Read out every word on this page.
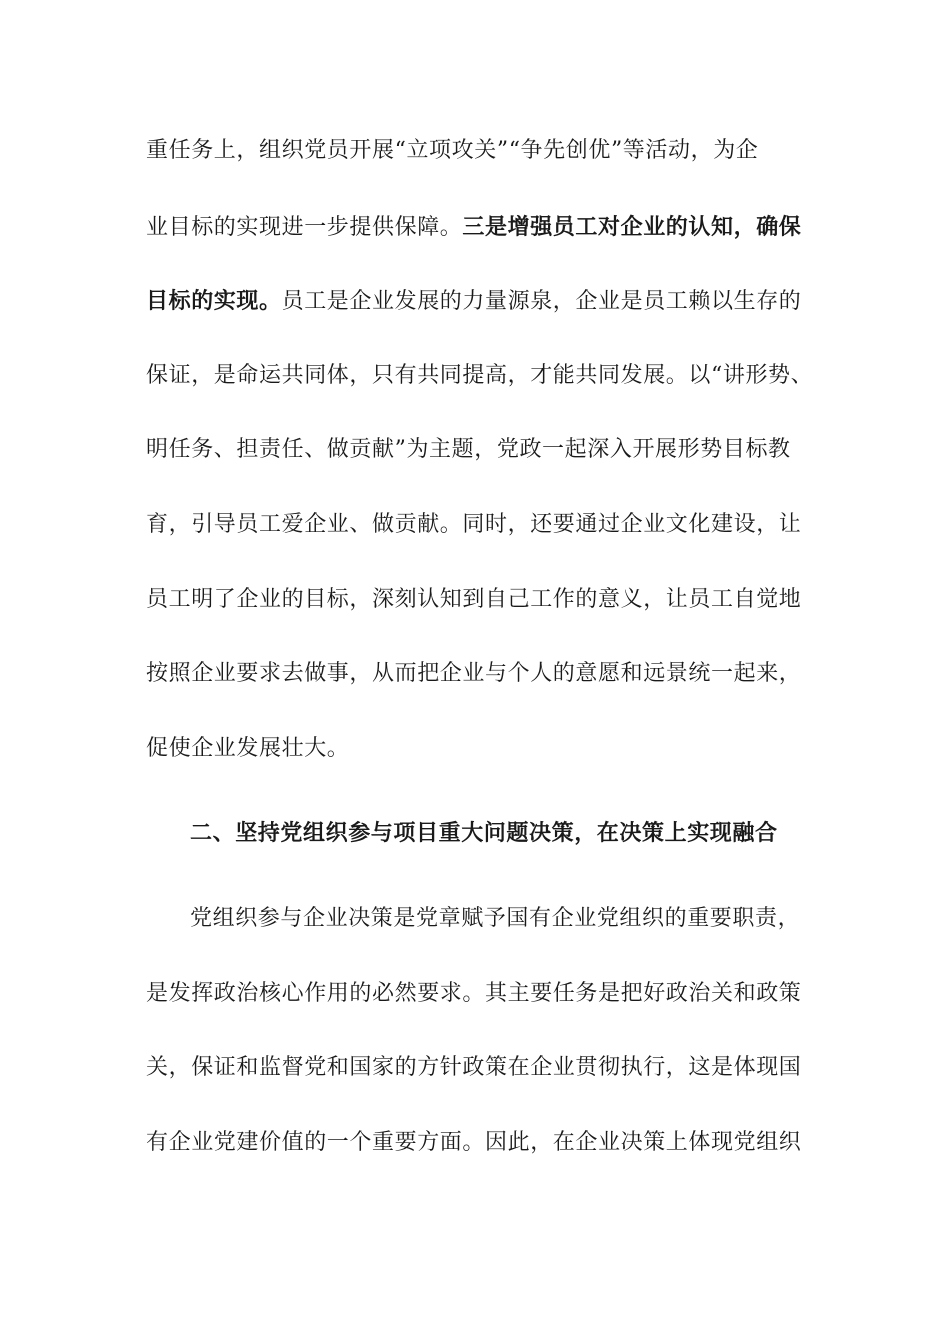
重任务上，组织党员开展“立项攻关”“争先创优”等活动，为企

业目标的实现进一步提供保障。三是增强员工对企业的认知，确保

目标的实现。员工是企业发展的力量源泉，企业是员工赖以生存的

保证，是命运共同体，只有共同提高，才能共同发展。以“讲形势、

明任务、担责任、做贡献”为主题，党政一起深入开展形势目标教

育，引导员工爱企业、做贡献。同时，还要通过企业文化建设，让

员工明了企业的目标，深刻认知到自己工作的意义，让员工自觉地

按照企业要求去做事，从而把企业与个人的意愿和远景统一起来，

促使企业发展壮大。

二、坚持党组织参与项目重大问题决策，在决策上实现融合

党组织参与企业决策是党章赋予国有企业党组织的重要职责，

是发挥政治核心作用的必然要求。其主要任务是把好政治关和政策

关，保证和监督党和国家的方针政策在企业贯彻执行，这是体现国

有企业党建价值的一个重要方面。因此，在企业决策上体现党组织
